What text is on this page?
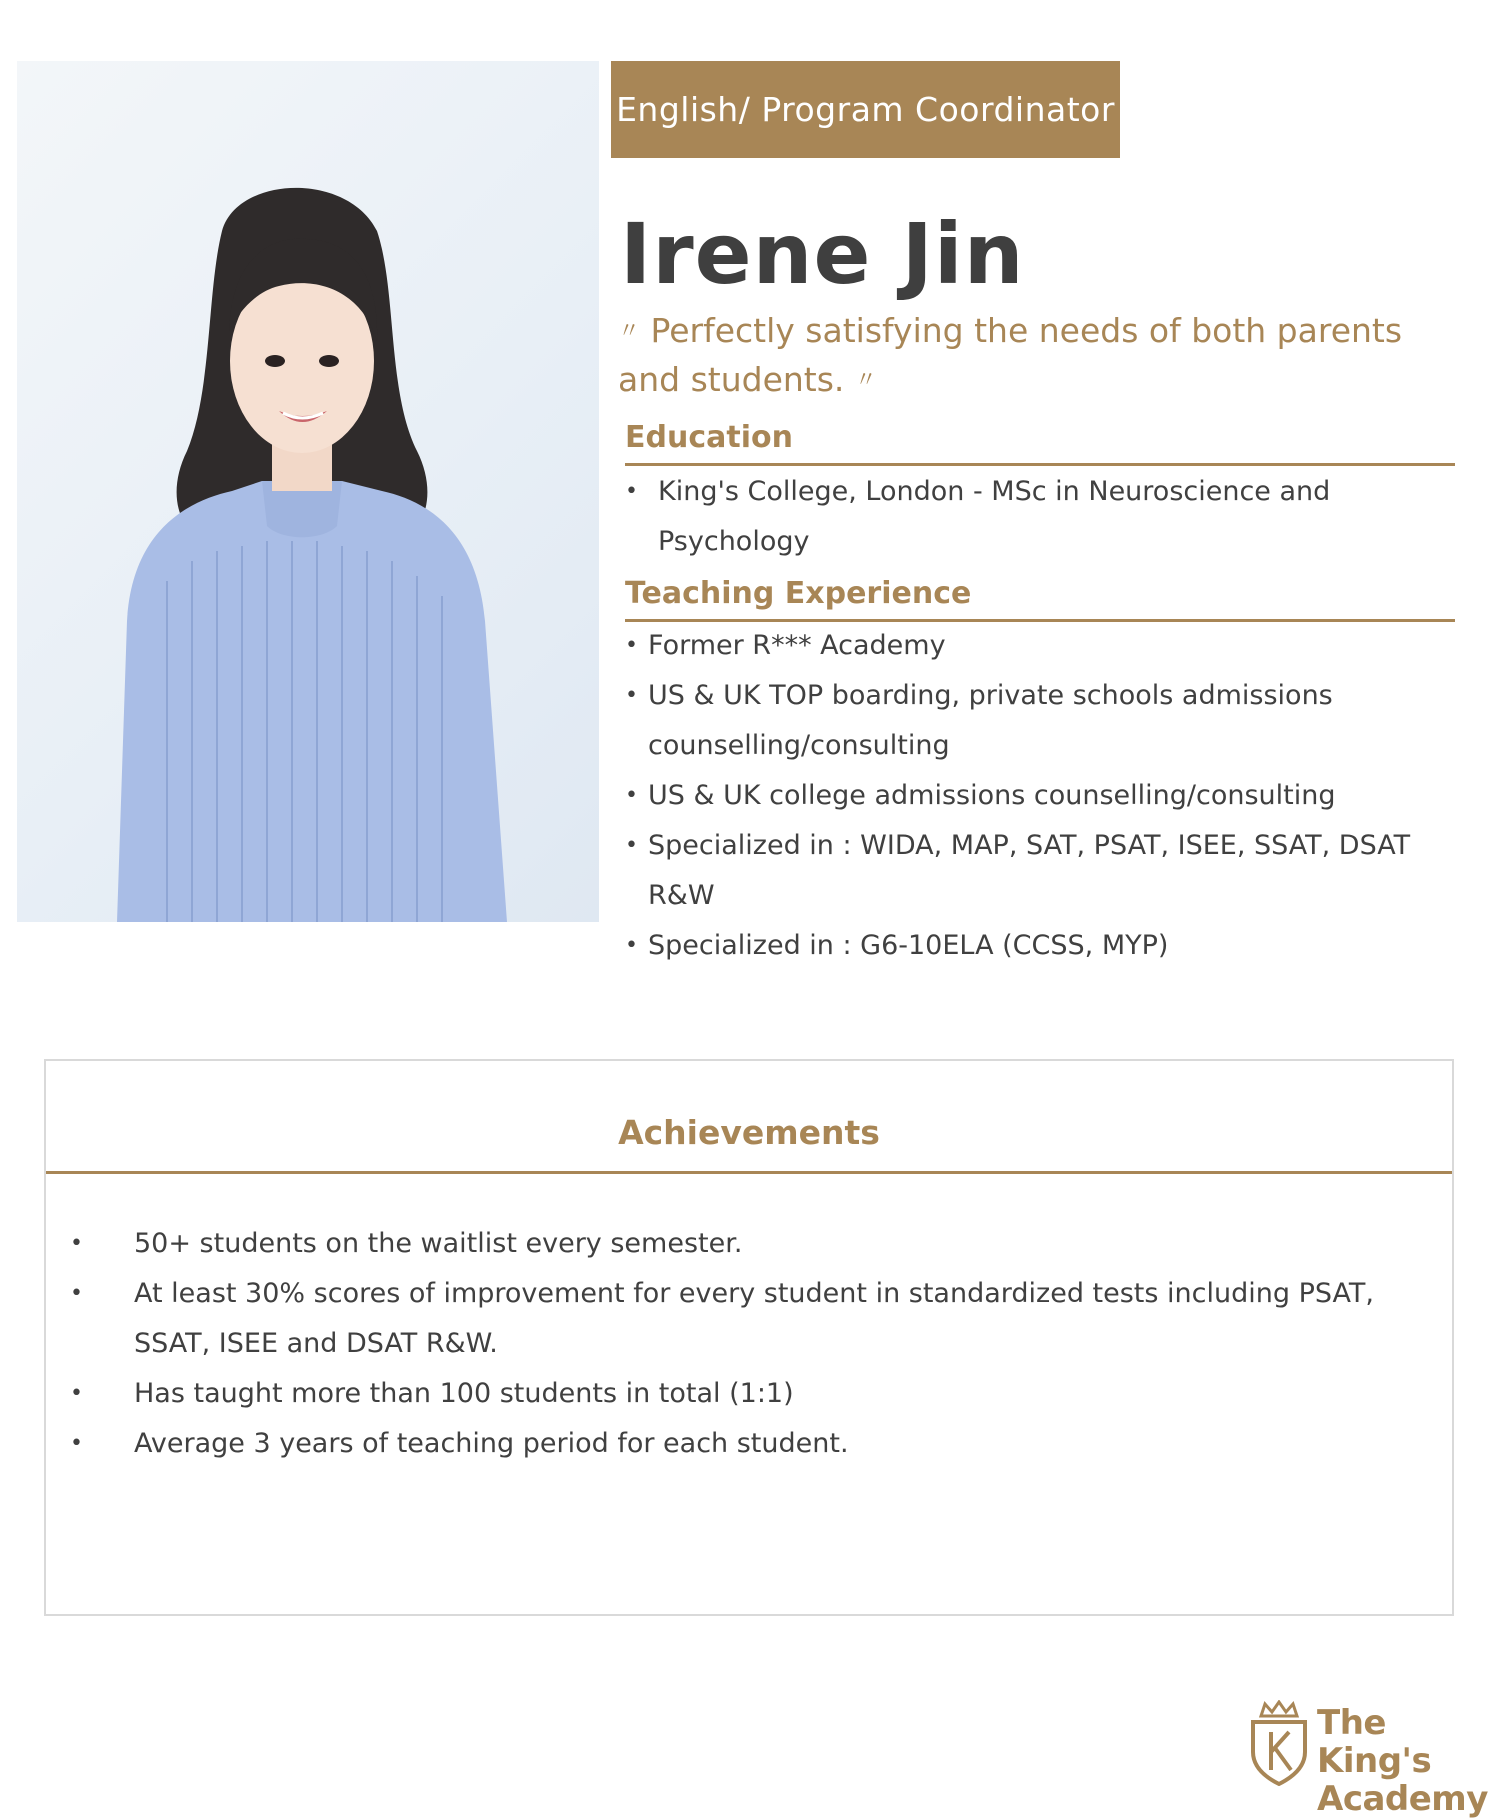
English/ Program Coordinator
Irene Jin
〃 Perfectly satisfying the needs of both parents and students. 〃
Education
• King's College, London - MSc in Neuroscience and Psychology
Teaching Experience
• Former R*** Academy
• US & UK TOP boarding, private schools admissions counselling/consulting
• US & UK college admissions counselling/consulting
• Specialized in : WIDA, MAP, SAT, PSAT, ISEE, SSAT, DSAT R&W
• Specialized in : G6-10ELA (CCSS, MYP)
Achievements
• 50+ students on the waitlist every semester.
• At least 30% scores of improvement for every student in standardized tests including PSAT, SSAT, ISEE and DSAT R&W.
• Has taught more than 100 students in total (1:1)
• Average 3 years of teaching period for each student.
The King's
Academy
